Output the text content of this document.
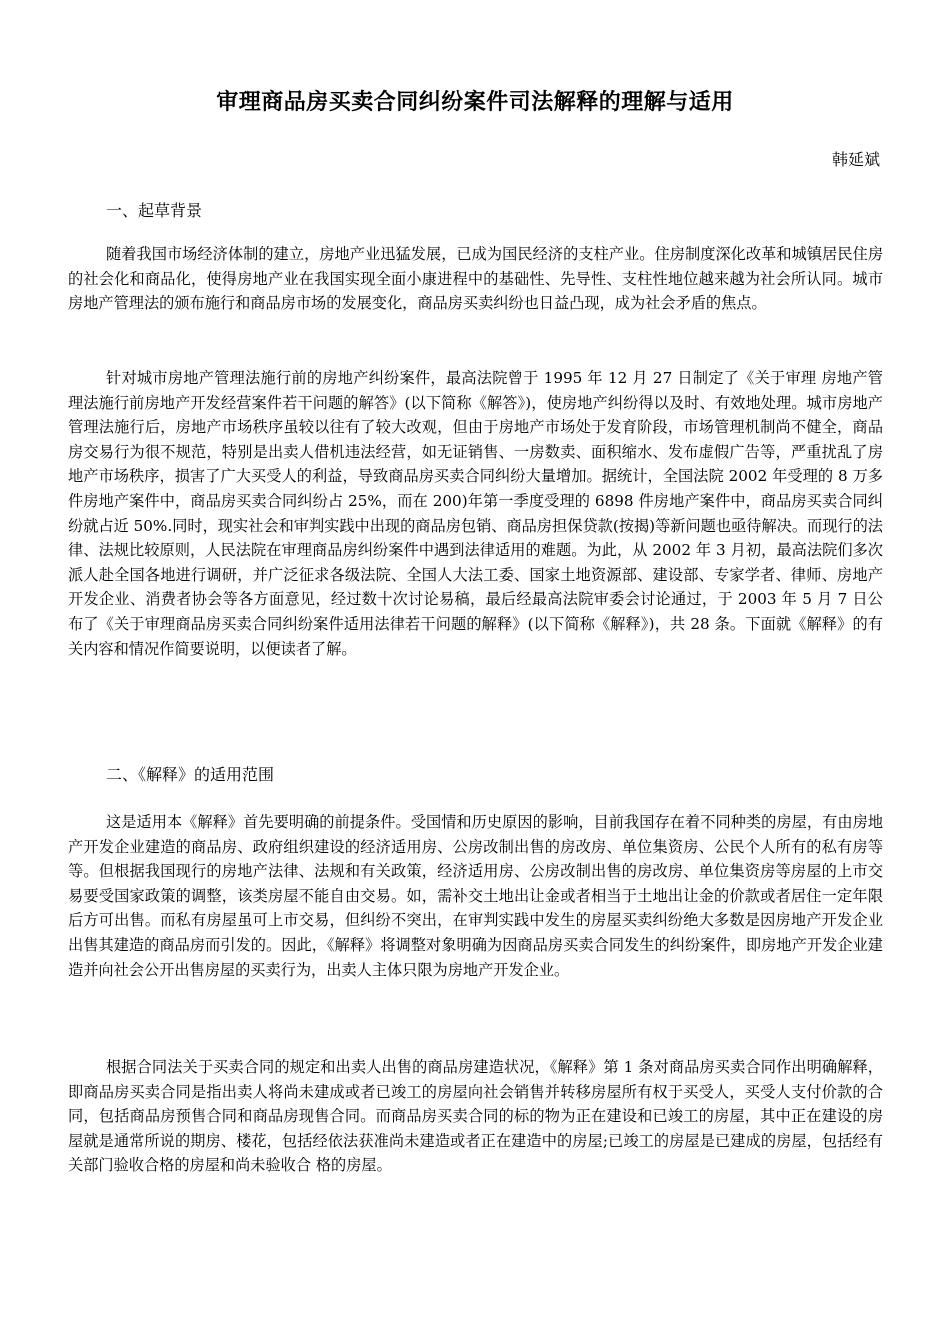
审理商品房买卖合同纠纷案件司法解释的理解与适用

韩延斌

一、起草背景

随着我国市场经济体制的建立，房地产业迅猛发展，已成为国民经济的支柱产业。住房制度深化改革和城镇居民住房的社会化和商品化，使得房地产业在我国实现全面小康进程中的基础性、先导性、支柱性地位越来越为社会所认同。城市房地产管理法的颁布施行和商品房市场的发展变化，商品房买卖纠纷也日益凸现，成为社会矛盾的焦点。

针对城市房地产管理法施行前的房地产纠纷案件，最高法院曾于 1995 年 12 月 27 日制定了《关于审理 房地产管理法施行前房地产开发经营案件若干问题的解答》(以下简称《解答》)，使房地产纠纷得以及时、有效地处理。城市房地产管理法施行后，房地产市场秩序虽较以往有了较大改观，但由于房地产市场处于发育阶段，市场管理机制尚不健全，商品房交易行为很不规范，特别是出卖人借机违法经营，如无证销售、一房数卖、面积缩水、发布虚假广告等，严重扰乱了房地产市场秩序，损害了广大买受人的利益，导致商品房买卖合同纠纷大量增加。据统计，全国法院 2002 年受理的 8 万多件房地产案件中，商品房买卖合同纠纷占 25%，而在 200)年第一季度受理的 6898 件房地产案件中，商品房买卖合同纠纷就占近 50%.同时，现实社会和审判实践中出现的商品房包销、商品房担保贷款(按揭)等新问题也亟待解决。而现行的法律、法规比较原则，人民法院在审理商品房纠纷案件中遇到法律适用的难题。为此，从 2002 年 3 月初，最高法院们多次派人赴全国各地进行调研，并广泛征求各级法院、全国人大法工委、国家土地资源部、建设部、专家学者、律师、房地产开发企业、消费者协会等各方面意见，经过数十次讨论易稿，最后经最高法院审委会讨论通过，于 2003 年 5 月 7 日公布了《关于审理商品房买卖合同纠纷案件适用法律若干问题的解释》(以下简称《解释》)，共 28 条。下面就《解释》的有关内容和情况作简要说明，以便读者了解。

二、《解释》的适用范围

这是适用本《解释》首先要明确的前提条件。受国情和历史原因的影响，目前我国存在着不同种类的房屋，有由房地产开发企业建造的商品房、政府组织建设的经济适用房、公房改制出售的房改房、单位集资房、公民个人所有的私有房等等。但根据我国现行的房地产法律、法规和有关政策，经济适用房、公房改制出售的房改房、单位集资房等房屋的上市交易要受国家政策的调整，该类房屋不能自由交易。如，需补交土地出让金或者相当于土地出让金的价款或者居住一定年限后方可出售。而私有房屋虽可上市交易，但纠纷不突出，在审判实践中发生的房屋买卖纠纷绝大多数是因房地产开发企业出售其建造的商品房而引发的。因此，《解释》将调整对象明确为因商品房买卖合同发生的纠纷案件，即房地产开发企业建造并向社会公开出售房屋的买卖行为，出卖人主体只限为房地产开发企业。

根据合同法关于买卖合同的规定和出卖人出售的商品房建造状况，《解释》第 1 条对商品房买卖合同作出明确解释，即商品房买卖合同是指出卖人将尚未建成或者已竣工的房屋向社会销售并转移房屋所有权于买受人，买受人支付价款的合同，包括商品房预售合同和商品房现售合同。而商品房买卖合同的标的物为正在建设和已竣工的房屋，其中正在建设的房屋就是通常所说的期房、楼花，包括经依法获准尚未建造或者正在建造中的房屋;已竣工的房屋是已建成的房屋，包括经有关部门验收合格的房屋和尚未验收合 格的房屋。
